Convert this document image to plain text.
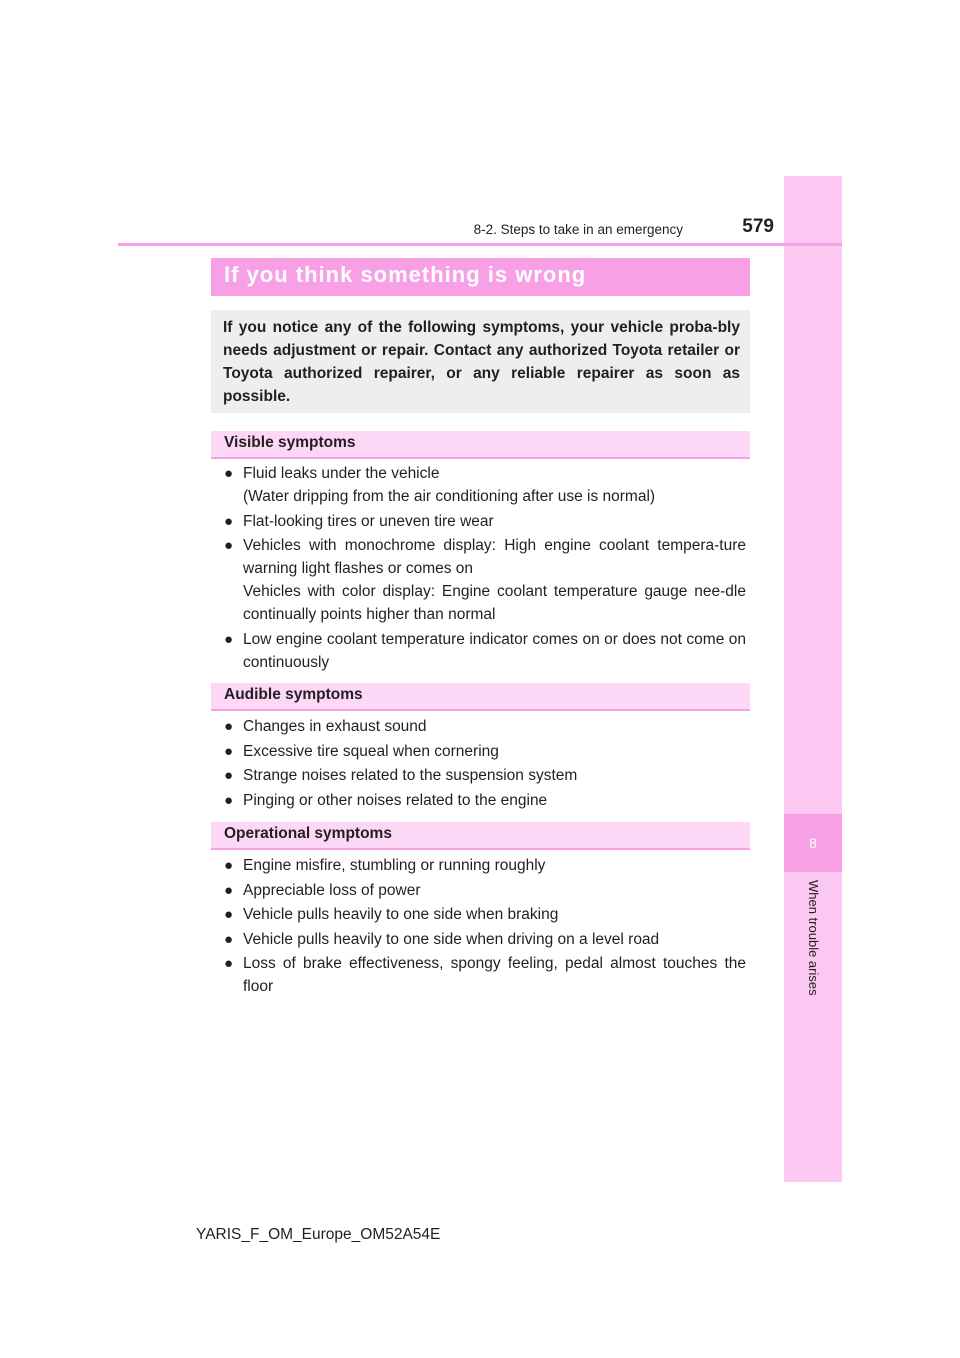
8
When trouble arises
8-2. Steps to take in an emergency	579
If you think something is wrong
If you notice any of the following symptoms, your vehicle proba-bly needs adjustment or repair. Contact any authorized Toyota retailer or Toyota authorized repairer, or any reliable repairer as soon as possible.
Visible symptoms
● Fluid leaks under the vehicle
(Water dripping from the air conditioning after use is normal)
● Flat-looking tires or uneven tire wear
● Vehicles with monochrome display: High engine coolant tempera-ture warning light flashes or comes on
Vehicles with color display: Engine coolant temperature gauge nee-dle continually points higher than normal
● Low engine coolant temperature indicator comes on or does not come on continuously
Audible symptoms
● Changes in exhaust sound
● Excessive tire squeal when cornering
● Strange noises related to the suspension system
● Pinging or other noises related to the engine
Operational symptoms
● Engine misfire, stumbling or running roughly
● Appreciable loss of power
● Vehicle pulls heavily to one side when braking
● Vehicle pulls heavily to one side when driving on a level road
● Loss of brake effectiveness, spongy feeling, pedal almost touches the floor
YARIS_F_OM_Europe_OM52A54E
